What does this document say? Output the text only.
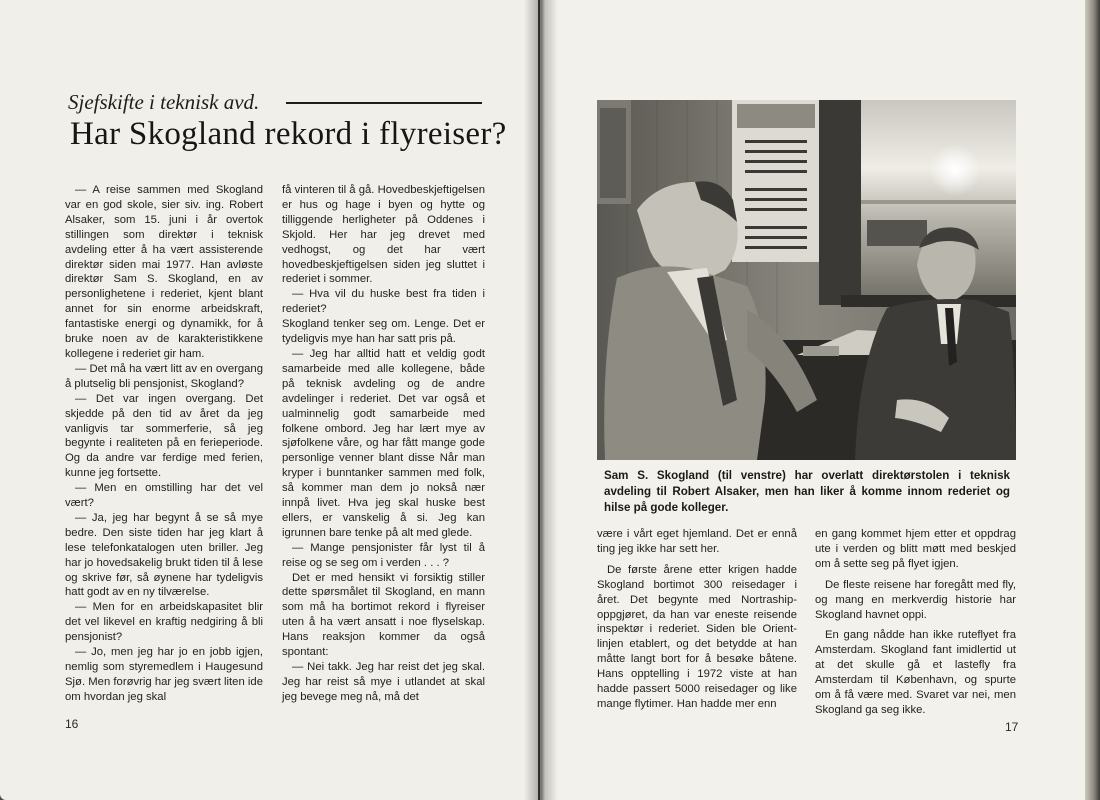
Sjefskifte i teknisk avd.
Har Skogland rekord i flyreiser?

— A reise sammen med Skogland var en god skole, sier siv. ing. Robert Alsaker, som 15. juni i år overtok stillingen som direktør i teknisk avdeling etter å ha vært assisterende direktør siden mai 1977. Han avløste direktør Sam S. Skogland, en av personlighetene i rederiet, kjent blant annet for sin enorme arbeidskraft, fantastiske energi og dynamikk, for å bruke noen av de karakteristikkene kollegene i rederiet gir ham.

— Det må ha vært litt av en overgang å plutselig bli pensjonist, Skogland?

— Det var ingen overgang. Det skjedde på den tid av året da jeg vanligvis tar sommerferie, så jeg begynte i realiteten på en ferieperiode. Og da andre var ferdige med ferien, kunne jeg fortsette.

— Men en omstilling har det vel vært?

— Ja, jeg har begynt å se så mye bedre. Den siste tiden har jeg klart å lese telefonkatalogen uten briller. Jeg har jo hovedsakelig brukt tiden til å lese og skrive før, så øynene har tydeligvis hatt godt av en ny tilværelse.

— Men for en arbeidskapasitet blir det vel likevel en kraftig nedgiring å bli pensjonist?

— Jo, men jeg har jo en jobb igjen, nemlig som styremedlem i Haugesund Sjø. Men forøvrig har jeg svært liten ide om hvordan jeg skal

få vinteren til å gå. Hovedbeskjeftigelsen er hus og hage i byen og hytte og tilliggende herligheter på Oddenes i Skjold. Her har jeg drevet med vedhogst, og det har vært hovedbeskjeftigelsen siden jeg sluttet i rederiet i sommer.

— Hva vil du huske best fra tiden i rederiet?

Skogland tenker seg om. Lenge. Det er tydeligvis mye han har satt pris på.

— Jeg har alltid hatt et veldig godt samarbeide med alle kollegene, både på teknisk avdeling og de andre avdelinger i rederiet. Det var også et ualminnelig godt samarbeide med folkene ombord. Jeg har lært mye av sjøfolkene våre, og har fått mange gode personlige venner blant disse Når man kryper i bunntanker sammen med folk, så kommer man dem jo nokså nær innpå livet. Hva jeg skal huske best ellers, er vanskelig å si. Jeg kan igrunnen bare tenke på alt med glede.

— Mange pensjonister får lyst til å reise og se seg om i verden . . . ?

Det er med hensikt vi forsiktig stiller dette spørsmålet til Skogland, en mann som må ha bortimot rekord i flyreiser uten å ha vært ansatt i noe flyselskap. Hans reaksjon kommer da også spontant:

— Nei takk. Jeg har reist det jeg skal. Jeg har reist så mye i utlandet at skal jeg bevege meg nå, må det

16
Sam S. Skogland (til venstre) har overlatt direktørstolen i teknisk avdeling til Robert Alsaker, men han liker å komme innom rederiet og hilse på gode kolleger.

være i vårt eget hjemland. Det er ennå ting jeg ikke har sett her.

De første årene etter krigen hadde Skogland bortimot 300 reisedager i året. Det begynte med Nortraship-oppgjøret, da han var eneste reisende inspektør i rederiet. Siden ble Orient-linjen etablert, og det betydde at han måtte langt bort for å besøke båtene. Hans opptelling i 1972 viste at han hadde passert 5000 reisedager og like mange flytimer. Han hadde mer enn

en gang kommet hjem etter et oppdrag ute i verden og blitt møtt med beskjed om å sette seg på flyet igjen.

De fleste reisene har foregått med fly, og mang en merkverdig historie har Skogland havnet oppi.

En gang nådde han ikke ruteflyet fra Amsterdam. Skogland fant imidlertid ut at det skulle gå et lastefly fra Amsterdam til København, og spurte om å få være med. Svaret var nei, men Skogland ga seg ikke.

17
